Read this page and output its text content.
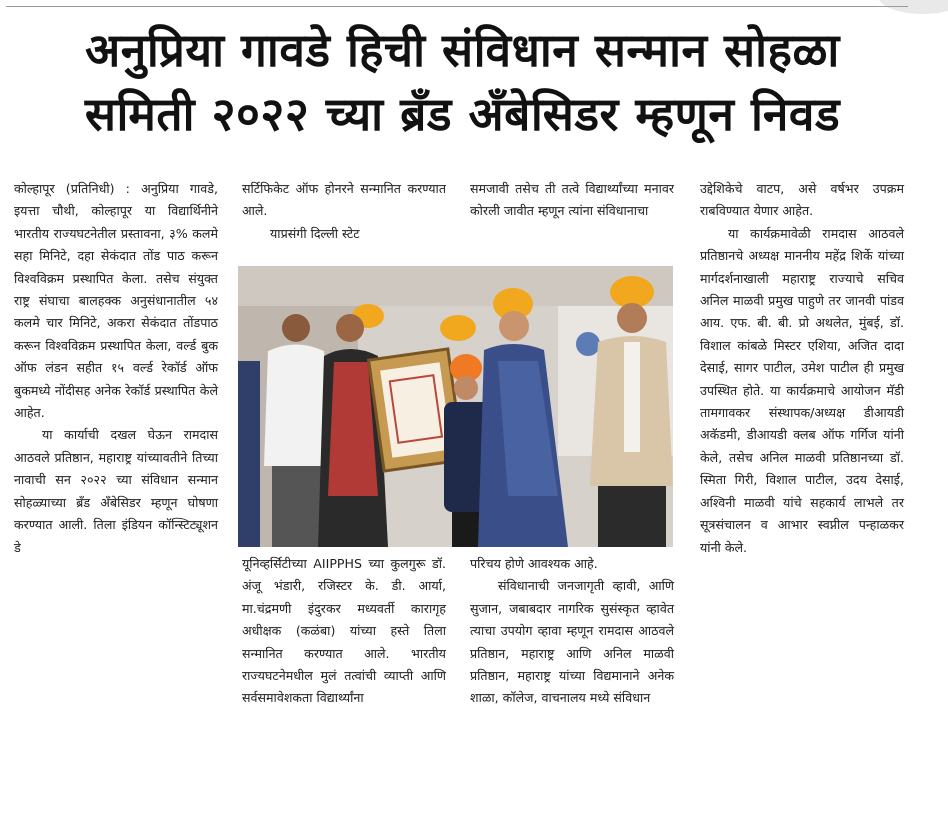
अनुप्रिया गावडे हिची संविधान सन्मान सोहळा
समिती २०२२ च्या ब्रँड अँबेसिडर म्हणून निवड

कोल्हापूर (प्रतिनिधी) : अनुप्रिया गावडे, इयत्ता चौथी, कोल्हापूर या विद्यार्थिनीने भारतीय राज्यघटनेतील प्रस्तावना, ३% कलमे सहा मिनिटे, दहा सेकंदात तोंड पाठ करून विश्वविक्रम प्रस्थापित केला. तसेच संयुक्त राष्ट्र संघाचा बालहक्क अनुसंधानातील ५४ कलमे चार मिनिटे, अकरा सेकंदात तोंडपाठ करून विश्वविक्रम प्रस्थापित केला, वर्ल्ड बुक ऑफ लंडन सहीत १५ वर्ल्ड रेकॉर्ड ऑफ बुकमध्ये नोंदीसह अनेक रेकॉर्ड प्रस्थापित केले आहेत.

या कार्याची दखल घेऊन रामदास आठवले प्रतिष्ठान, महाराष्ट्र यांच्यावतीने तिच्या नावाची सन २०२२ च्या संविधान सन्मान सोहळ्याच्या ब्रँड अँबेसिडर म्हणून घोषणा करण्यात आली. तिला इंडियन कॉन्स्टिट्यूशन डे

सर्टिफिकेट ऑफ होनरने सन्मानित करण्यात आले.

याप्रसंगी दिल्ली स्टेट

समजावी तसेच ती तत्वे विद्यार्थ्यांच्या मनावर कोरली जावीत म्हणून त्यांना संविधानाचा

यूनिव्हर्सिटीच्या AIIPPHS च्या कुलगुरू डॉ. अंजू भंडारी, रजिस्टर के. डी. आर्या, मा.चंद्रमणी इंदुरकर मध्यवर्ती कारागृह अधीक्षक (कळंबा) यांच्या हस्ते तिला सन्मानित करण्यात आले. भारतीय राज्यघटनेमधील मुलं तत्वांची व्याप्ती आणि सर्वसमावेशकता विद्यार्थ्यांना

परिचय होणे आवश्यक आहे.

संविधानाची जनजागृती व्हावी, आणि सुजान, जबाबदार नागरिक सुसंस्कृत व्हावेत त्याचा उपयोग व्हावा म्हणून रामदास आठवले प्रतिष्ठान, महाराष्ट्र आणि अनिल माळवी प्रतिष्ठान, महाराष्ट्र यांच्या विद्यमानाने अनेक शाळा, कॉलेज, वाचनालय मध्ये संविधान

उद्देशिकेचे वाटप, असे वर्षभर उपक्रम राबविण्यात येणार आहेत.

या कार्यक्रमावेळी रामदास आठवले प्रतिष्ठानचे अध्यक्ष माननीय महेंद्र शिर्के यांच्या मार्गदर्शनाखाली महाराष्ट्र राज्याचे सचिव अनिल माळवी प्रमुख पाहुणे तर जानवी पांडव आय. एफ. बी. बी. प्रो अथलेत, मुंबई, डॉ. विशाल कांबळे मिस्टर एशिया, अजित दादा देसाई, सागर पाटील, उमेश पाटील ही प्रमुख उपस्थित होते. या कार्यक्रमाचे आयोजन मॅडी तामगावकर संस्थापक/अध्यक्ष डीआयडी अकॅडमी, डीआयडी क्लब ऑफ गर्गिज यांनी केले, तसेच अनिल माळवी प्रतिष्ठानच्या डॉ. स्मिता गिरी, विशाल पाटील, उदय देसाई, अश्विनी माळवी यांचे सहकार्य लाभले तर सूत्रसंचालन व आभार स्वप्नील पन्हाळकर यांनी केले.
